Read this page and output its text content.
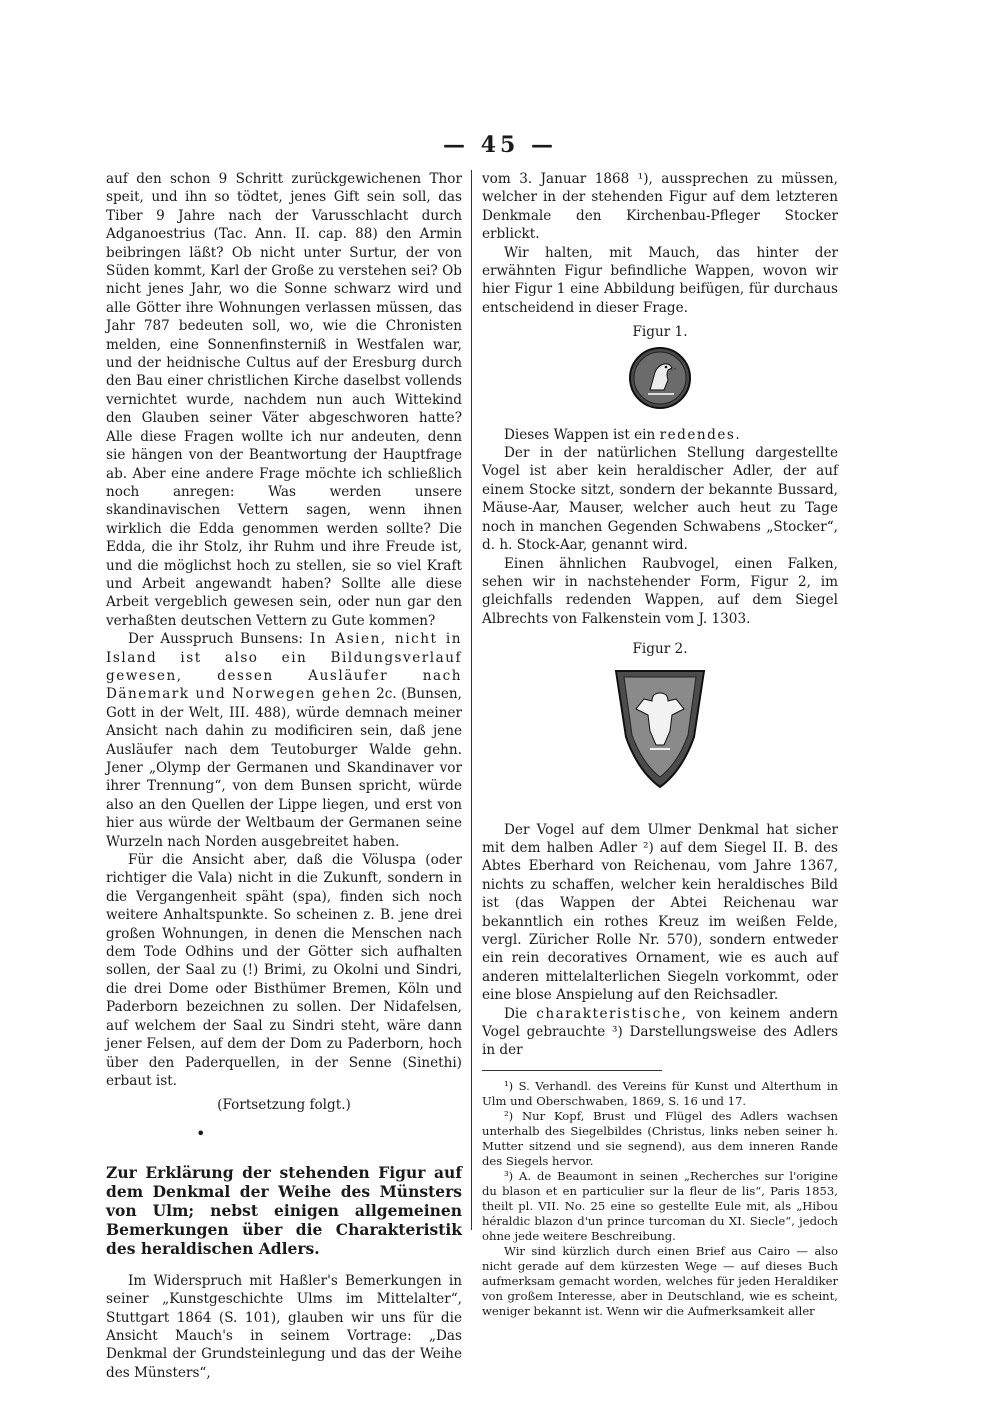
— 45 —

auf den schon 9 Schritt zurückgewichenen Thor speit, und ihn so tödtet, jenes Gift sein soll, das Tiber 9 Jahre nach der Varusschlacht durch Adganoestrius (Tac. Ann. II. cap. 88) den Armin beibringen läßt? Ob nicht unter Surtur, der von Süden kommt, Karl der Große zu verstehen sei? Ob nicht jenes Jahr, wo die Sonne schwarz wird und alle Götter ihre Wohnungen verlassen müssen, das Jahr 787 bedeuten soll, wo, wie die Chronisten melden, eine Sonnenfinsterniß in Westfalen war, und der heidnische Cultus auf der Eresburg durch den Bau einer christlichen Kirche daselbst vollends vernichtet wurde, nachdem nun auch Wittekind den Glauben seiner Väter abgeschworen hatte? Alle diese Fragen wollte ich nur andeuten, denn sie hängen von der Beantwortung der Hauptfrage ab. Aber eine andere Frage möchte ich schließlich noch anregen: Was werden unsere skandinavischen Vettern sagen, wenn ihnen wirklich die Edda genommen werden sollte? Die Edda, die ihr Stolz, ihr Ruhm und ihre Freude ist, und die möglichst hoch zu stellen, sie so viel Kraft und Arbeit angewandt haben? Sollte alle diese Arbeit vergeblich gewesen sein, oder nun gar den verhaßten deutschen Vettern zu Gute kommen?

Der Ausspruch Bunsens: In Asien, nicht in Island ist also ein Bildungsverlauf gewesen, dessen Ausläufer nach Dänemark und Norwegen gehen 2c. (Bunsen, Gott in der Welt, III. 488), würde demnach meiner Ansicht nach dahin zu modificiren sein, daß jene Ausläufer nach dem Teutoburger Walde gehn. Jener „Olymp der Germanen und Skandinaver vor ihrer Trennung“, von dem Bunsen spricht, würde also an den Quellen der Lippe liegen, und erst von hier aus würde der Weltbaum der Germanen seine Wurzeln nach Norden ausgebreitet haben.

Für die Ansicht aber, daß die Völuspa (oder richtiger die Vala) nicht in die Zukunft, sondern in die Vergangenheit späht (spa), finden sich noch weitere Anhaltspunkte. So scheinen z. B. jene drei großen Wohnungen, in denen die Menschen nach dem Tode Odhins und der Götter sich aufhalten sollen, der Saal zu (!) Brimi, zu Okolni und Sindri, die drei Dome oder Bisthümer Bremen, Köln und Paderborn bezeichnen zu sollen. Der Nidafelsen, auf welchem der Saal zu Sindri steht, wäre dann jener Felsen, auf dem der Dom zu Paderborn, hoch über den Paderquellen, in der Senne (Sinethi) erbaut ist.

(Fortsetzung folgt.)

•

Zur Erklärung der stehenden Figur auf dem Denkmal der Weihe des Münsters von Ulm; nebst einigen allgemeinen Bemerkungen über die Charakteristik des heraldischen Adlers.

Im Widerspruch mit Haßler's Bemerkungen in seiner „Kunstgeschichte Ulms im Mittelalter“, Stuttgart 1864 (S. 101), glauben wir uns für die Ansicht Mauch's in seinem Vortrage: „Das Denkmal der Grundsteinlegung und das der Weihe des Münsters“,

vom 3. Januar 1868 ¹), aussprechen zu müssen, welcher in der stehenden Figur auf dem letzteren Denkmale den Kirchenbau-Pfleger Stocker erblickt.

Wir halten, mit Mauch, das hinter der erwähnten Figur befindliche Wappen, wovon wir hier Figur 1 eine Abbildung beifügen, für durchaus entscheidend in dieser Frage.

Figur 1.

Dieses Wappen ist ein redendes.

Der in der natürlichen Stellung dargestellte Vogel ist aber kein heraldischer Adler, der auf einem Stocke sitzt, sondern der bekannte Bussard, Mäuse-Aar, Mauser, welcher auch heut zu Tage noch in manchen Gegenden Schwabens „Stocker“, d. h. Stock-Aar, genannt wird.

Einen ähnlichen Raubvogel, einen Falken, sehen wir in nachstehender Form, Figur 2, im gleichfalls redenden Wappen, auf dem Siegel Albrechts von Falkenstein vom J. 1303.

Figur 2.

Der Vogel auf dem Ulmer Denkmal hat sicher mit dem halben Adler ²) auf dem Siegel II. B. des Abtes Eberhard von Reichenau, vom Jahre 1367, nichts zu schaffen, welcher kein heraldisches Bild ist (das Wappen der Abtei Reichenau war bekanntlich ein rothes Kreuz im weißen Felde, vergl. Züricher Rolle Nr. 570), sondern entweder ein rein decoratives Ornament, wie es auch auf anderen mittelalterlichen Siegeln vorkommt, oder eine blose Anspielung auf den Reichsadler.

Die charakteristische, von keinem andern Vogel gebrauchte ³) Darstellungsweise des Adlers in der

¹) S. Verhandl. des Vereins für Kunst und Alterthum in Ulm und Oberschwaben, 1869, S. 16 und 17.

²) Nur Kopf, Brust und Flügel des Adlers wachsen unterhalb des Siegelbildes (Christus, links neben seiner h. Mutter sitzend und sie segnend), aus dem inneren Rande des Siegels hervor.

³) A. de Beaumont in seinen „Recherches sur l'origine du blason et en particulier sur la fleur de lis“, Paris 1853, theilt pl. VII. No. 25 eine so gestellte Eule mit, als „Hibou héraldic blazon d'un prince turcoman du XI. Siecle“, jedoch ohne jede weitere Beschreibung.

Wir sind kürzlich durch einen Brief aus Cairo — also nicht gerade auf dem kürzesten Wege — auf dieses Buch aufmerksam gemacht worden, welches für jeden Heraldiker von großem Interesse, aber in Deutschland, wie es scheint, weniger bekannt ist. Wenn wir die Aufmerksamkeit aller
